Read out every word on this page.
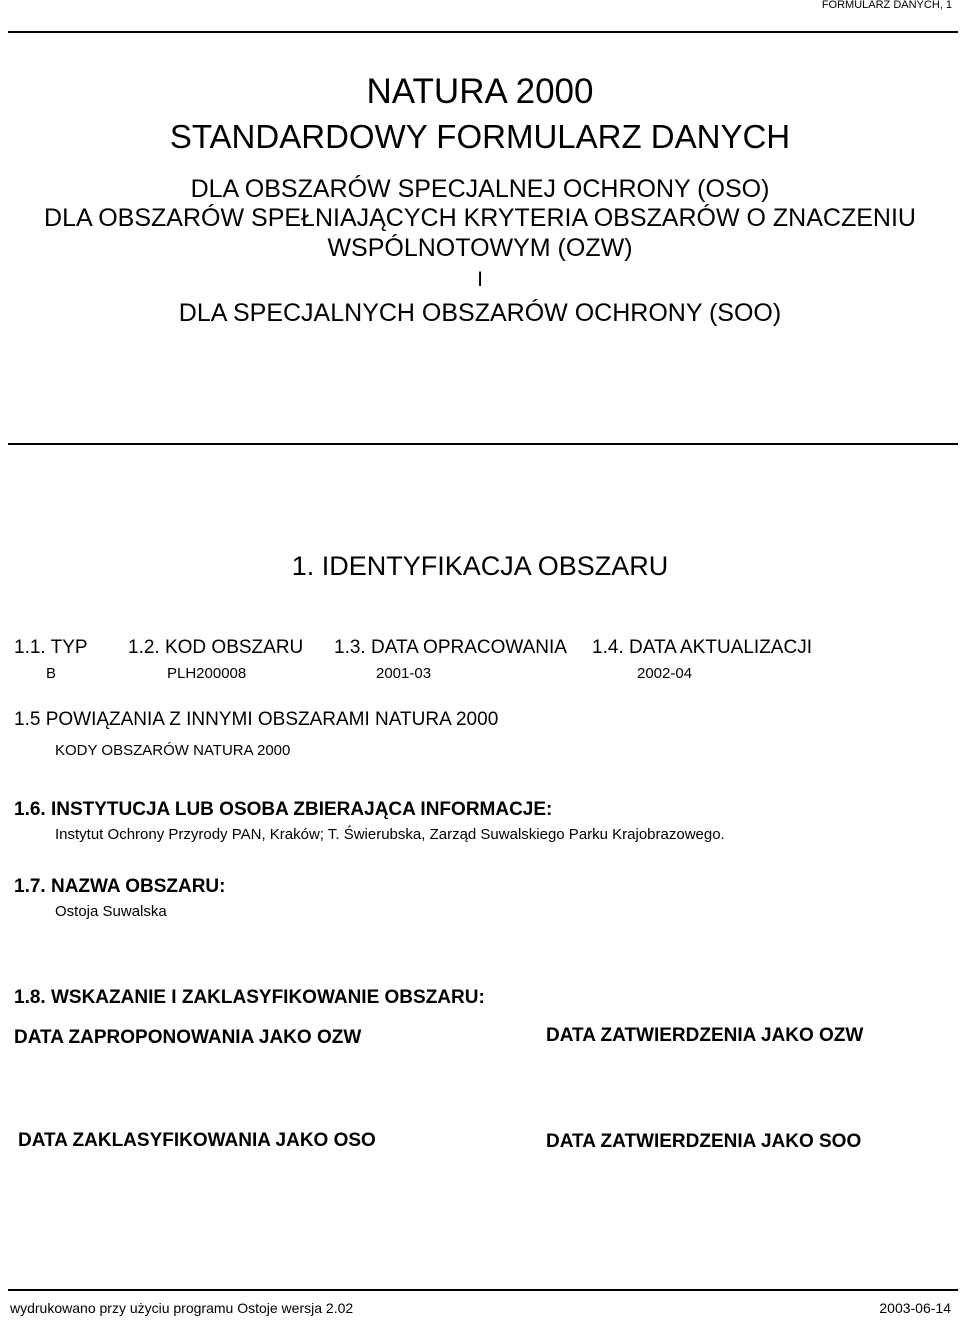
FORMULARZ DANYCH, 1
NATURA 2000
STANDARDOWY FORMULARZ DANYCH
DLA OBSZARÓW SPECJALNEJ OCHRONY (OSO)
DLA OBSZARÓW SPEŁNIAJĄCYCH KRYTERIA OBSZARÓW O ZNACZENIU
WSPÓLNOTOWYM (OZW)
I
DLA SPECJALNYCH OBSZARÓW OCHRONY (SOO)
1. IDENTYFIKACJA OBSZARU
1.1. TYP 1.2. KOD OBSZARU 1.3. DATA OPRACOWANIA 1.4. DATA AKTUALIZACJI
B	PLH200008	2001-03	2002-04
1.5 POWIĄZANIA Z INNYMI OBSZARAMI NATURA 2000
KODY OBSZARÓW NATURA 2000
1.6. INSTYTUCJA LUB OSOBA ZBIERAJĄCA INFORMACJE:
Instytut Ochrony Przyrody PAN, Kraków; T. Świerubska, Zarząd Suwalskiego Parku Krajobrazowego.
1.7. NAZWA OBSZARU:
Ostoja Suwalska
1.8. WSKAZANIE I ZAKLASYFIKOWANIE OBSZARU:
DATA ZAPROPONOWANIA JAKO OZW	DATA ZATWIERDZENIA JAKO OZW
DATA ZAKLASYFIKOWANIA JAKO OSO	DATA ZATWIERDZENIA JAKO SOO
wydrukowano przy użyciu programu Ostoje wersja 2.02	2003-06-14
